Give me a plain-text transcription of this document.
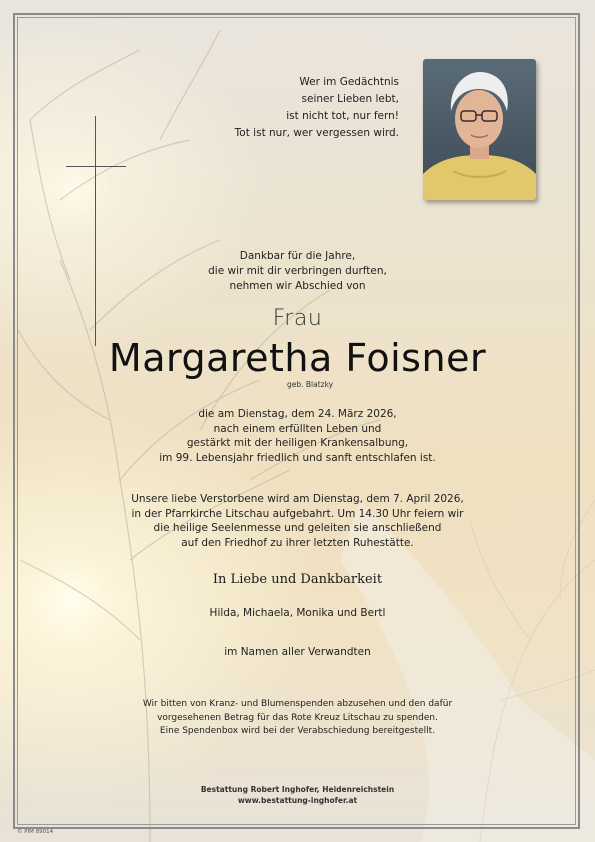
Wer im Gedächtnis
seiner Lieben lebt,
ist nicht tot, nur fern!
Tot ist nur, wer vergessen wird.
Dankbar für die Jahre,
die wir mit dir verbringen durften,
nehmen wir Abschied von
Frau
Margaretha Foisner
geb. Blatzky
die am Dienstag, dem 24. März 2026,
nach einem erfüllten Leben und
gestärkt mit der heiligen Krankensalbung,
im 99. Lebensjahr friedlich und sanft entschlafen ist.
Unsere liebe Verstorbene wird am Dienstag, dem 7. April 2026,
in der Pfarrkirche Litschau aufgebahrt. Um 14.30 Uhr feiern wir
die heilige Seelenmesse und geleiten sie anschließend
auf den Friedhof zu ihrer letzten Ruhestätte.
In Liebe und Dankbarkeit
Hilda, Michaela, Monika und Bertl
im Namen aller Verwandten
Wir bitten von Kranz- und Blumenspenden abzusehen und den dafür
vorgesehenen Betrag für das Rote Kreuz Litschau zu spenden.
Eine Spendenbox wird bei der Verabschiedung bereitgestellt.
Bestattung Robert Inghofer, Heidenreichstein
www.bestattung-inghofer.at
© PIM 89014
